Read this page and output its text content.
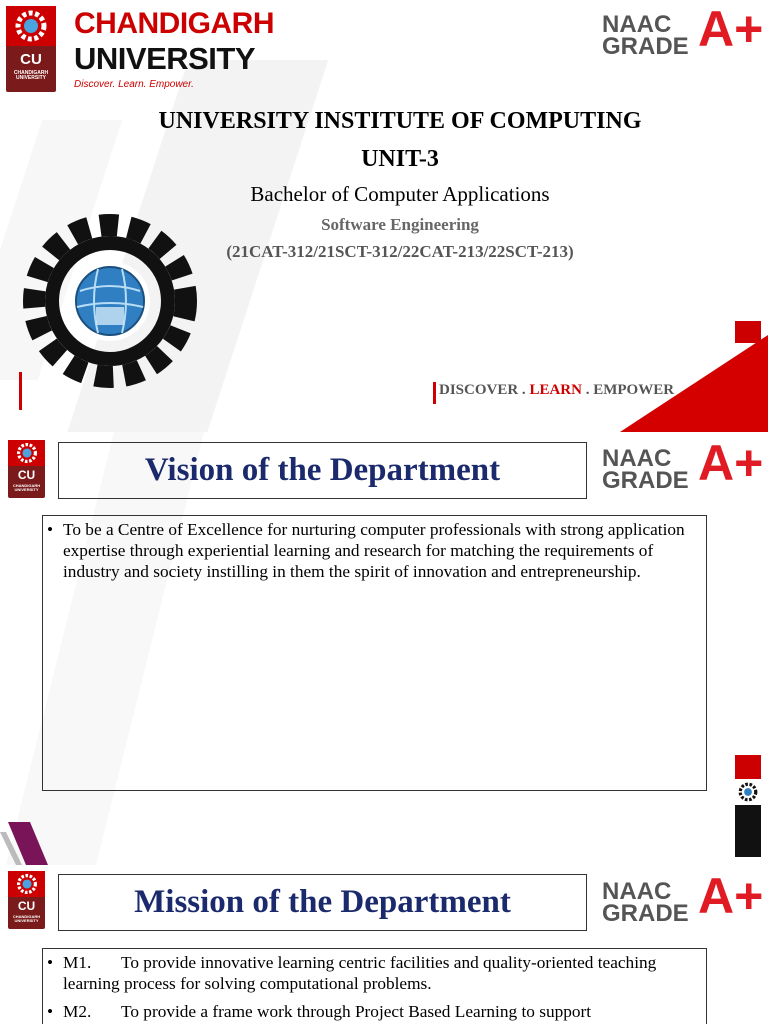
CU
CHANDIGARH UNIVERSITY
CHANDIGARH
UNIVERSITY
Discover. Learn. Empower.
NAAC
GRADE A+
UNIVERSITY INSTITUTE OF COMPUTING
UNIT-3
Bachelor of Computer Applications
Software Engineering
(21CAT-312/21SCT-312/22CAT-213/22SCT-213)
DISCOVER . LEARN . EMPOWER
CU
CHANDIGARH UNIVERSITY
Vision of the Department	NAAC
GRADE A+
• To be a Centre of Excellence for nurturing computer professionals with strong application expertise through experiential learning and research for matching the requirements of industry and society instilling in them the spirit of innovation and entrepreneurship.
CU
CHANDIGARH UNIVERSITY
Mission of the Department	NAAC
GRADE A+
• M1.	To provide innovative learning centric facilities and quality-oriented teaching learning process for solving computational problems.
• M2.	To provide a frame work through Project Based Learning to support
